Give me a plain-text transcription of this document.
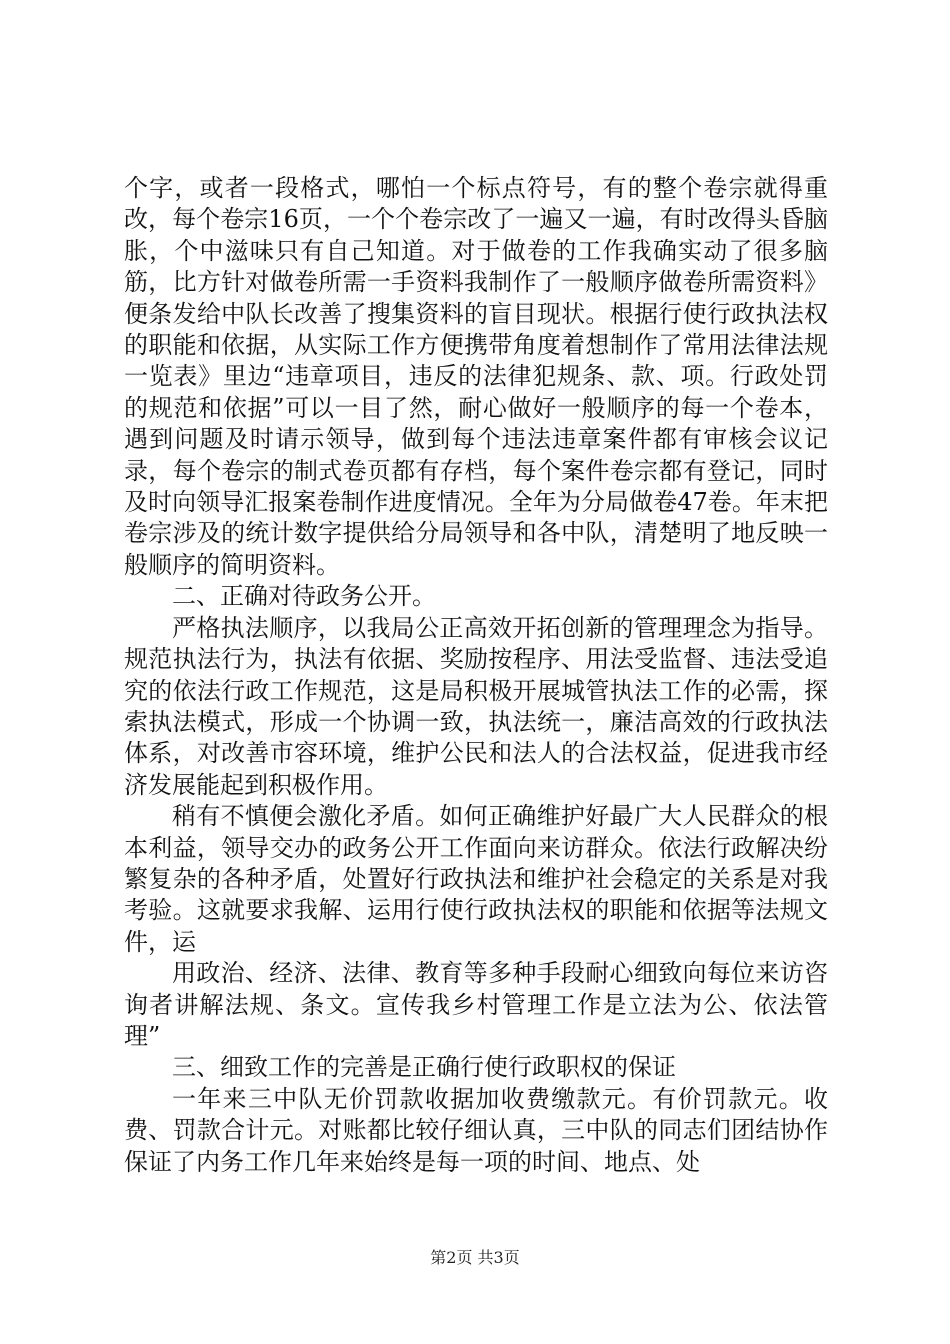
个字，或者一段格式，哪怕一个标点符号，有的整个卷宗就得重改，每个卷宗16页，一个个卷宗改了一遍又一遍，有时改得头昏脑胀，个中滋味只有自己知道。对于做卷的工作我确实动了很多脑筋，比方针对做卷所需一手资料我制作了一般顺序做卷所需资料》便条发给中队长改善了搜集资料的盲目现状。根据行使行政执法权的职能和依据，从实际工作方便携带角度着想制作了常用法律法规一览表》里边“违章项目，违反的法律犯规条、款、项。行政处罚的规范和依据”可以一目了然，耐心做好一般顺序的每一个卷本，遇到问题及时请示领导，做到每个违法违章案件都有审核会议记录，每个卷宗的制式卷页都有存档，每个案件卷宗都有登记，同时及时向领导汇报案卷制作进度情况。全年为分局做卷47卷。年末把卷宗涉及的统计数字提供给分局领导和各中队，清楚明了地反映一般顺序的简明资料。

二、正确对待政务公开。

严格执法顺序，以我局公正高效开拓创新的管理理念为指导。规范执法行为，执法有依据、奖励按程序、用法受监督、违法受追究的依法行政工作规范，这是局积极开展城管执法工作的必需，探索执法模式，形成一个协调一致，执法统一，廉洁高效的行政执法体系，对改善市容环境，维护公民和法人的合法权益，促进我市经济发展能起到积极作用。

稍有不慎便会激化矛盾。如何正确维护好最广大人民群众的根本利益，领导交办的政务公开工作面向来访群众。依法行政解决纷繁复杂的各种矛盾，处置好行政执法和维护社会稳定的关系是对我考验。这就要求我解、运用行使行政执法权的职能和依据等法规文件，运

用政治、经济、法律、教育等多种手段耐心细致向每位来访咨询者讲解法规、条文。宣传我乡村管理工作是立法为公、依法管理”

三、细致工作的完善是正确行使行政职权的保证

一年来三中队无价罚款收据加收费缴款元。有价罚款元。收费、罚款合计元。对账都比较仔细认真，三中队的同志们团结协作保证了内务工作几年来始终是每一项的时间、地点、处

第2页 共3页
